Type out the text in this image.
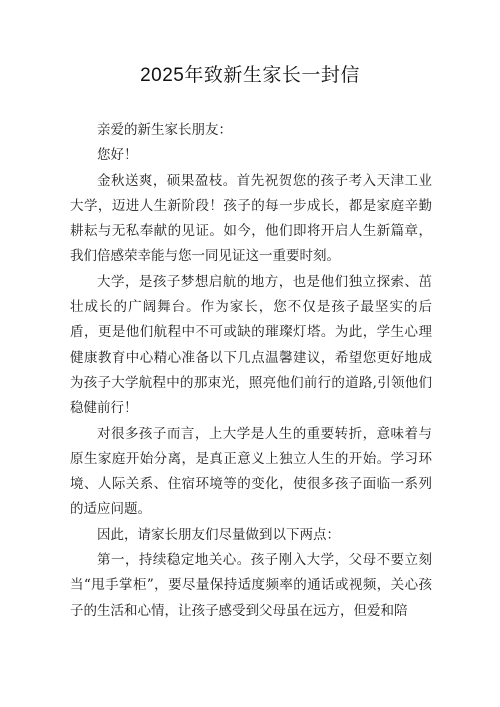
2025年致新生家长一封信

亲爱的新生家长朋友：

您好！

金秋送爽，硕果盈枝。首先祝贺您的孩子考入天津工业大学，迈进人生新阶段！孩子的每一步成长，都是家庭辛勤耕耘与无私奉献的见证。如今，他们即将开启人生新篇章，我们倍感荣幸能与您一同见证这一重要时刻。

大学，是孩子梦想启航的地方，也是他们独立探索、茁壮成长的广阔舞台。作为家长，您不仅是孩子最坚实的后盾，更是他们航程中不可或缺的璀璨灯塔。为此，学生心理健康教育中心精心准备以下几点温馨建议，希望您更好地成为孩子大学航程中的那束光，照亮他们前行的道路,引领他们稳健前行！

对很多孩子而言，上大学是人生的重要转折，意味着与原生家庭开始分离，是真正意义上独立人生的开始。学习环境、人际关系、住宿环境等的变化，使很多孩子面临一系列的适应问题。

因此，请家长朋友们尽量做到以下两点：

第一，持续稳定地关心。孩子刚入大学，父母不要立刻当“甩手掌柜”，要尽量保持适度频率的通话或视频，关心孩子的生活和心情，让孩子感受到父母虽在远方，但爱和陪
